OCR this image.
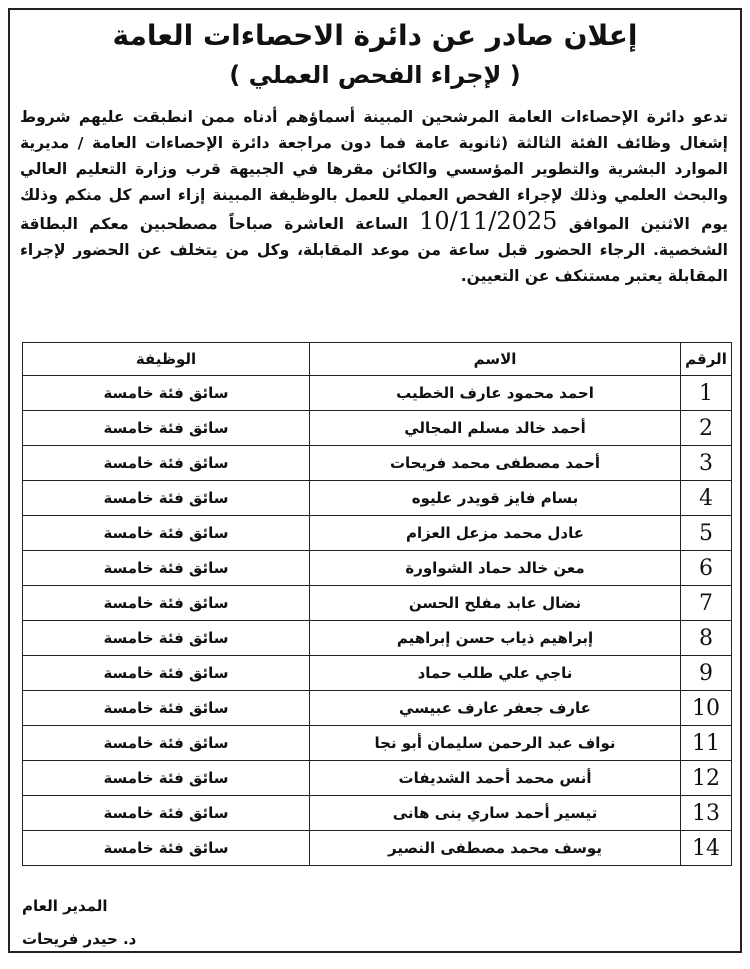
إعلان صادر عن دائرة الاحصاءات العامة
( لإجراء الفحص العملي )
تدعو دائرة الإحصاءات العامة المرشحين المبينة أسماؤهم أدناه ممن انطبقت عليهم شروط إشغال وظائف الفئة الثالثة (ثانوية عامة فما دون مراجعة دائرة الإحصاءات العامة / مديرية الموارد البشرية والتطوير المؤسسي والكائن مقرها في الجبيهة قرب وزارة التعليم العالي والبحث العلمي وذلك لإجراء الفحص العملي للعمل بالوظيفة المبينة إزاء اسم كل منكم وذلك يوم الاثنين الموافق 10/11/2025 الساعة العاشرة صباحاً مصطحبين معكم البطاقة الشخصية. الرجاء الحضور قبل ساعة من موعد المقابلة، وكل من يتخلف عن الحضور لإجراء المقابلة يعتبر مستنكف عن التعيين.
الرقم	الاسم	الوظيفة
1	احمد محمود عارف الخطيب	سائق فئة خامسة
2	أحمد خالد مسلم المجالي	سائق فئة خامسة
3	أحمد مصطفى محمد فريحات	سائق فئة خامسة
4	بسام فايز قويدر عليوه	سائق فئة خامسة
5	عادل محمد مزعل العزام	سائق فئة خامسة
6	معن خالد حماد الشواورة	سائق فئة خامسة
7	نضال عابد مفلح الحسن	سائق فئة خامسة
8	إبراهيم ذياب حسن إبراهيم	سائق فئة خامسة
9	ناجي علي طلب حماد	سائق فئة خامسة
10	عارف جعفر عارف عبيسي	سائق فئة خامسة
11	نواف عبد الرحمن سليمان أبو نجا	سائق فئة خامسة
12	أنس محمد أحمد الشديفات	سائق فئة خامسة
13	تيسير أحمد ساري بنى هانى	سائق فئة خامسة
14	يوسف محمد مصطفى النصير	سائق فئة خامسة
المدير العام
د. حيدر فريحات
